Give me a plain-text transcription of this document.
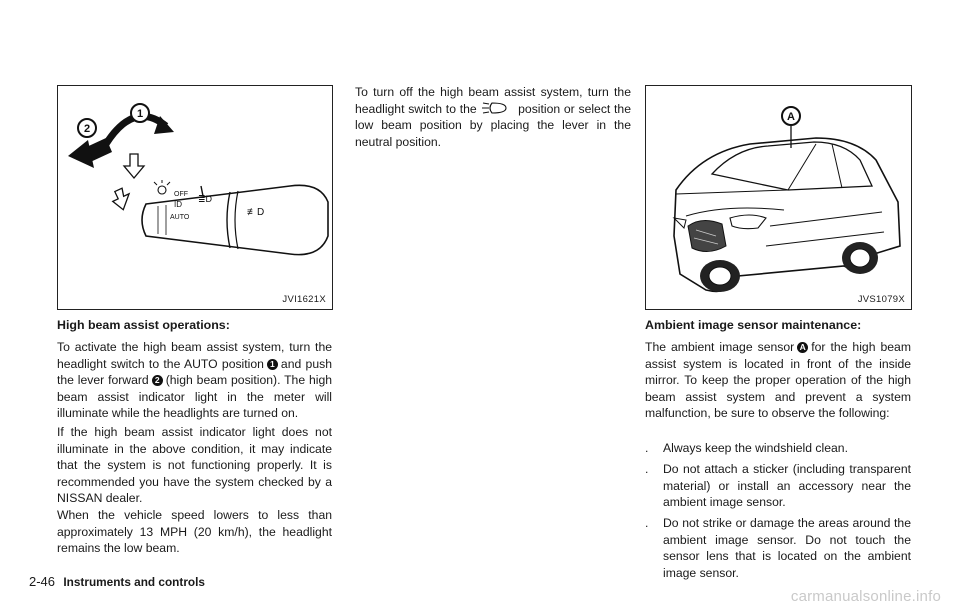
OFF
ID
AUTO
≣D
≢D
1
2
JVI1621X
High beam assist operations:

To activate the high beam assist system, turn the headlight switch to the AUTO position 1 and push the lever forward 2 (high beam position). The high beam assist indicator light in the meter will illuminate while the headlights are turned on.

If the high beam assist indicator light does not illuminate in the above condition, it may indicate that the system is not functioning properly. It is recommended you have the system checked by a NISSAN dealer.

When the vehicle speed lowers to less than approximately 13 MPH (20 km/h), the headlight remains the low beam.

To turn off the high beam assist system, turn the headlight switch to the	position or select the low beam position by placing the lever in the neutral position.

A
JVS1079X
Ambient image sensor maintenance:

The ambient image sensor A for the high beam assist system is located in front of the inside mirror. To keep the proper operation of the high beam assist system and prevent a system malfunction, be sure to observe the following:

. Always keep the windshield clean.
. Do not attach a sticker (including transparent material) or install an accessory near the ambient image sensor.
. Do not strike or damage the areas around the ambient image sensor. Do not touch the sensor lens that is located on the ambient image sensor.
2-46 Instruments and controls
carmanualsonline.info
